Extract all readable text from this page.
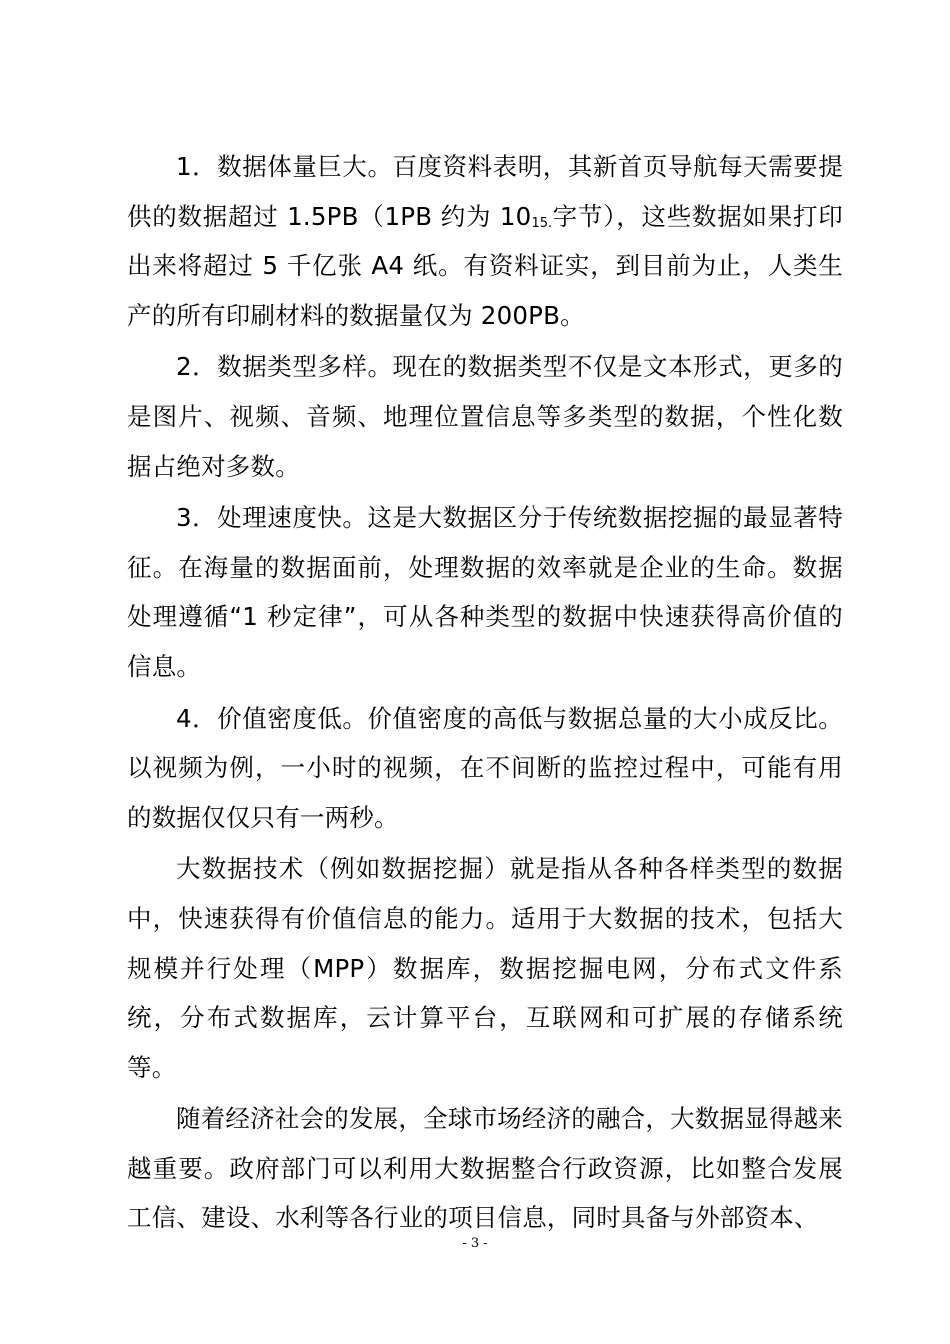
1．数据体量巨大。百度资料表明，其新首页导航每天需要提供的数据超过 1.5PB（1PB 约为 $10_{15.}$字节），这些数据如果打印出来将超过 5 千亿张 A4 纸。有资料证实，到目前为止，人类生产的所有印刷材料的数据量仅为 200PB。

2．数据类型多样。现在的数据类型不仅是文本形式，更多的是图片、视频、音频、地理位置信息等多类型的数据，个性化数据占绝对多数。

3．处理速度快。这是大数据区分于传统数据挖掘的最显著特征。在海量的数据面前，处理数据的效率就是企业的生命。数据处理遵循“1 秒定律”，可从各种类型的数据中快速获得高价值的信息。

4．价值密度低。价值密度的高低与数据总量的大小成反比。以视频为例，一小时的视频，在不间断的监控过程中，可能有用的数据仅仅只有一两秒。

大数据技术（例如数据挖掘）就是指从各种各样类型的数据中，快速获得有价值信息的能力。适用于大数据的技术，包括大规模并行处理（MPP）数据库，数据挖掘电网，分布式文件系统，分布式数据库，云计算平台，互联网和可扩展的存储系统等。

随着经济社会的发展，全球市场经济的融合，大数据显得越来越重要。政府部门可以利用大数据整合行政资源，比如整合发展工信、建设、水利等各行业的项目信息，同时具备与外部资本、

- 3 -
